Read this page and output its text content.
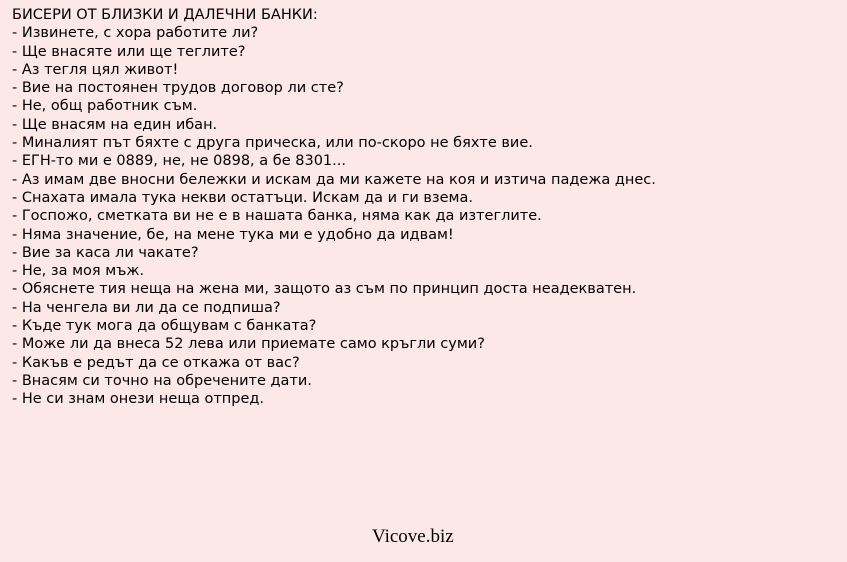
БИСЕРИ ОТ БЛИЗКИ И ДАЛЕЧНИ БАНКИ:
- Извинете, с хора работите ли?
- Ще внасяте или ще теглите?
- Аз тегля цял живот!
- Вие на постоянен трудов договор ли сте?
- Не, общ работник съм.
- Ще внасям на един ибан.
- Миналият път бяхте с друга прическа, или по-скоро не бяхте вие.
- ЕГН-то ми е 0889, не, не 0898, а бе 8301...
- Аз имам две вносни бележки и искам да ми кажете на коя и изтича падежа днес.
- Снахата имала тука некви остатъци. Искам да и ги взема.
- Госпожо, сметката ви не е в нашата банка, няма как да изтеглите.
- Няма значение, бе, на мене тука ми е удобно да идвам!
- Вие за каса ли чакате?
- Не, за моя мъж.
- Обяснете тия неща на жена ми, защото аз съм по принцип доста неадекватен.
- На ченгела ви ли да се подпиша?
- Къде тук мога да общувам с банката?
- Може ли да внеса 52 лева или приемате само кръгли суми?
- Какъв е редът да се откажа от вас?
- Внасям си точно на обречените дати.
- Не си знам онези неща отпред.
Vicove.biz
